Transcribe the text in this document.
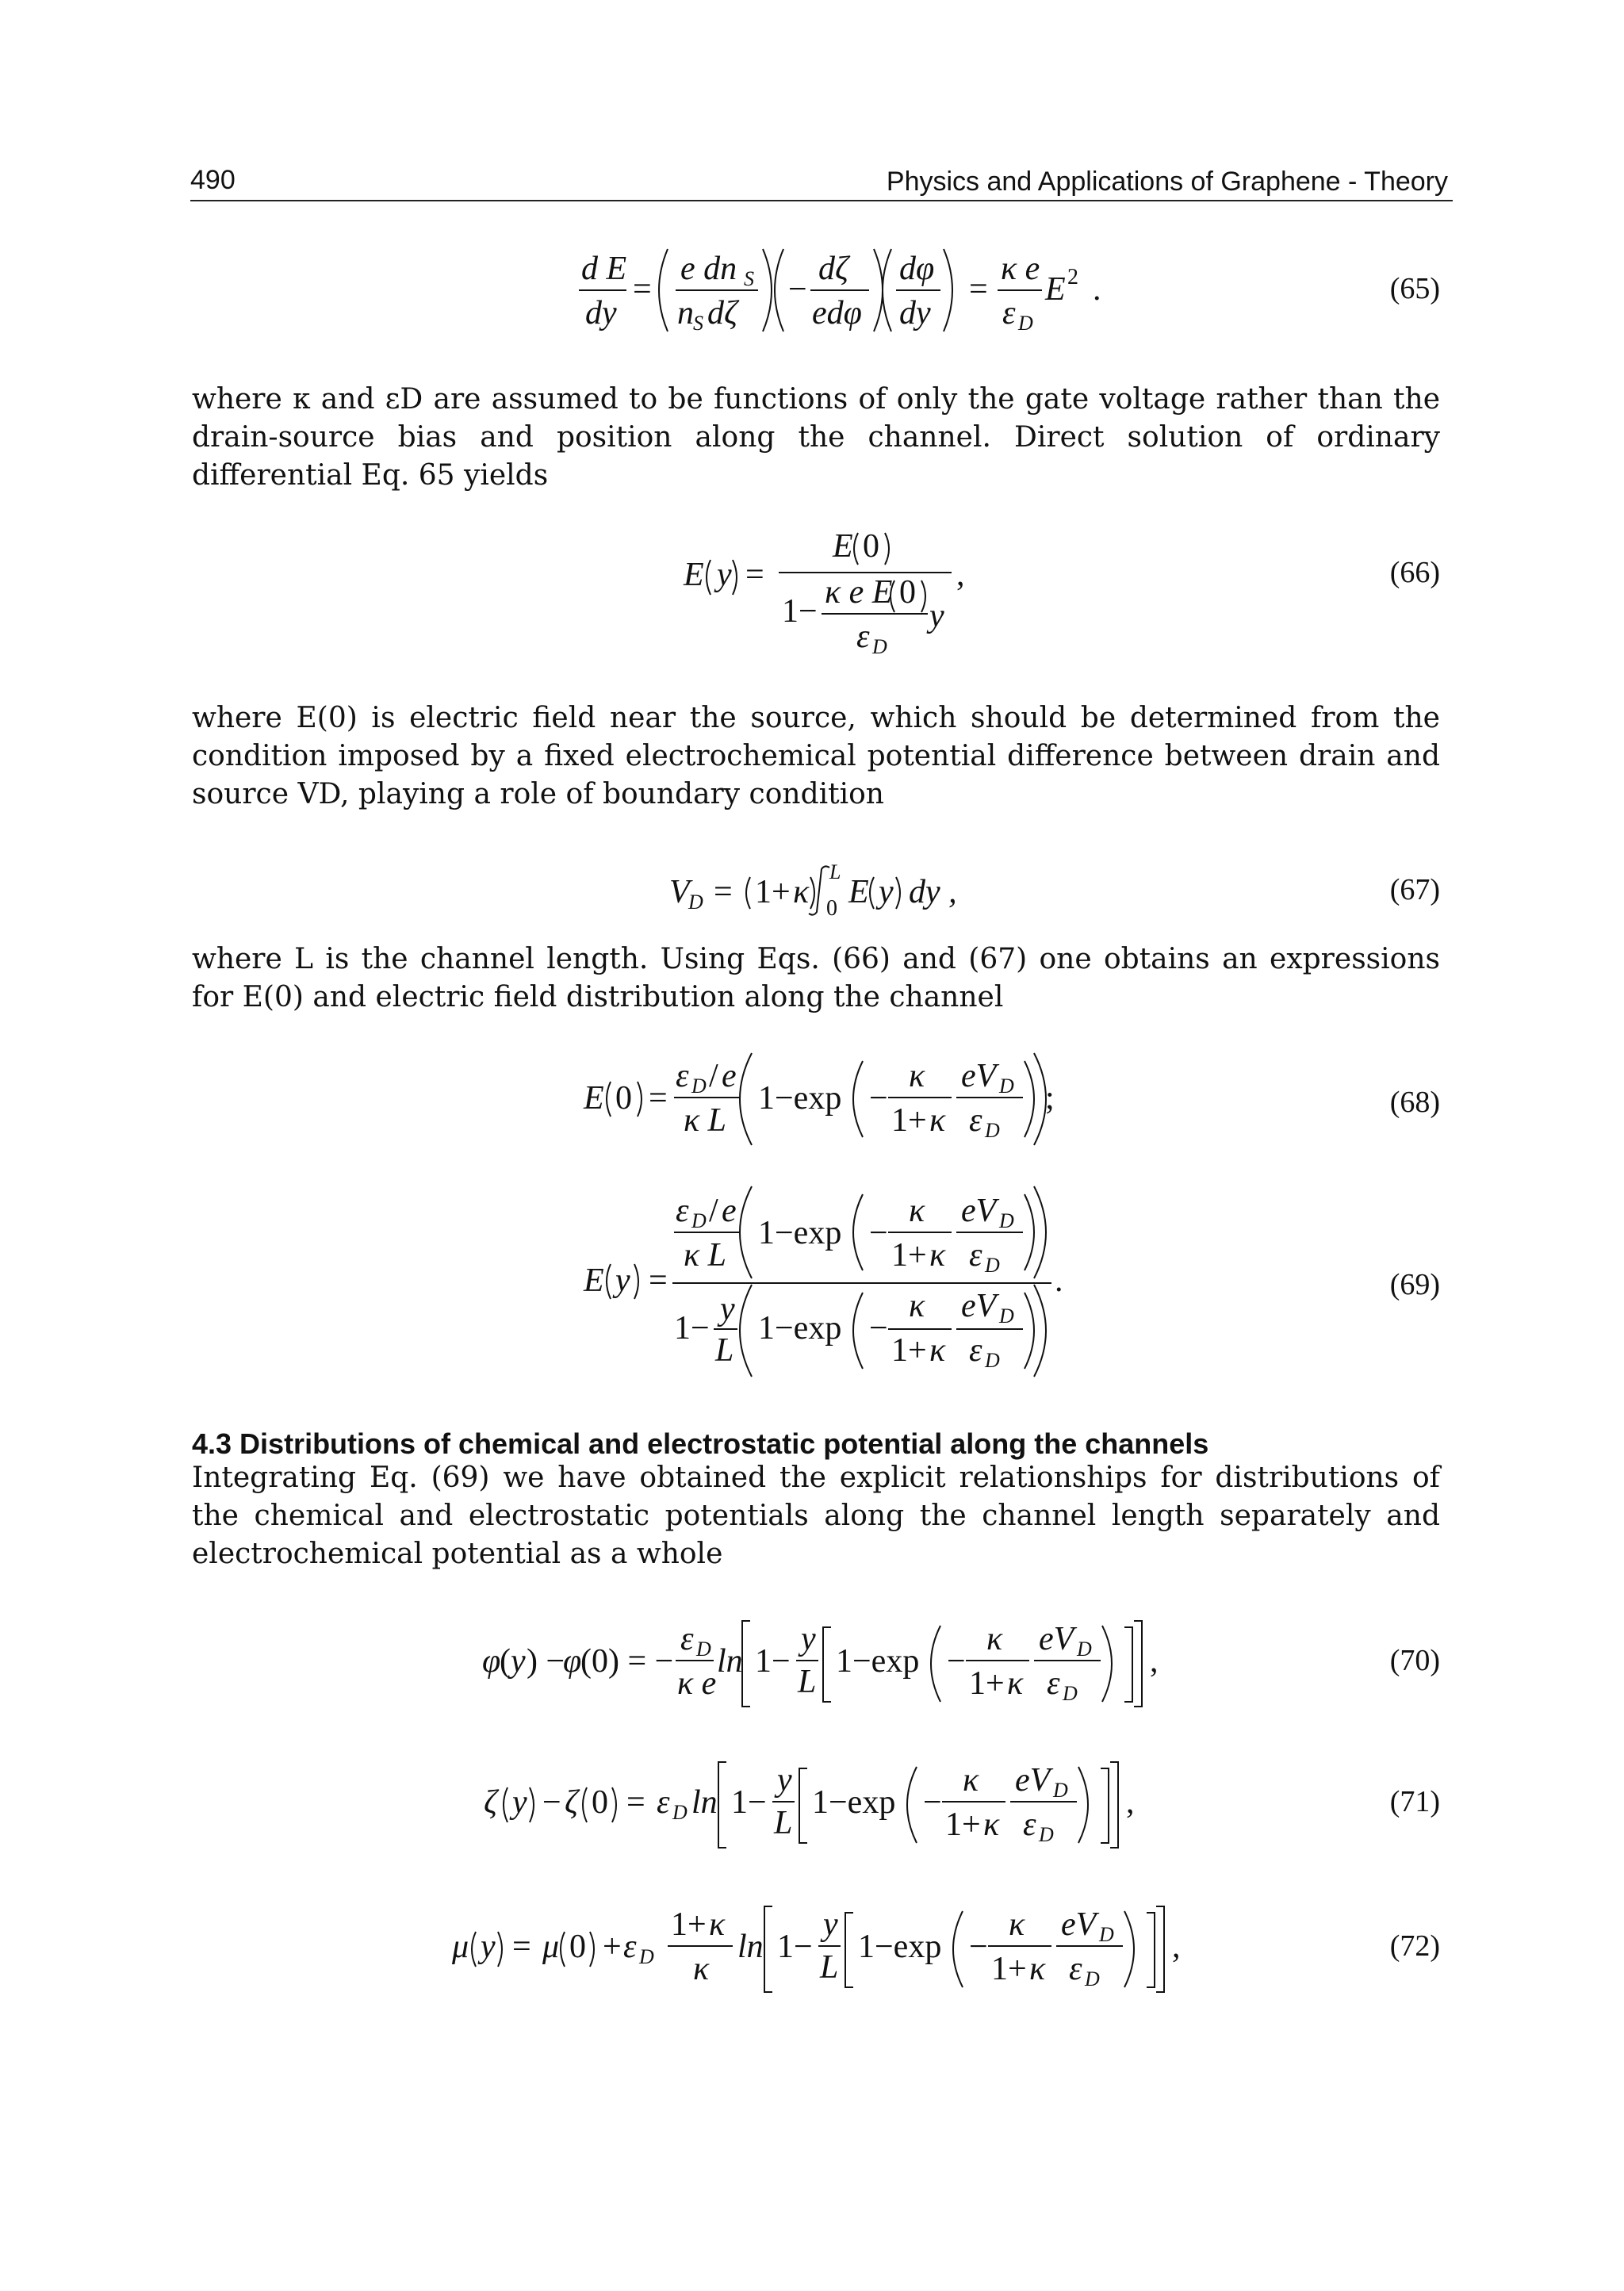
490	Physics and Applications of Graphene - Theory
d E
dy
=
e dn S
n S dζ
−
dζ
edφ
dφ
dy
=
κ e
ε D
E 2 .	(65)
where κ and εD are assumed to be functions of only the gate voltage rather than the drain-source bias and position along the channel. Direct solution of ordinary differential Eq. 65 yields
E y =
E 0
1−
κ e E 0
ε D
y
,	(66)
where E(0) is electric field near the source, which should be determined from the condition imposed by a fixed electrochemical potential difference between drain and source VD, playing a role of boundary condition
V
D = 1+ κ
L
0 E y dy ,	(67)
where L is the channel length. Using Eqs. (66) and (67) one obtains an expressions for E(0) and electric field distribution along the channel
E 0 =
ε D / e
κ L
1−exp −
κ
1+ κ
eV D
ε D
;	(68)
E y =
ε D / e
κ L
1−exp −
κ
1+ κ
eV D
ε D .
1−
y
L
1−exp −
κ
1+ κ
eV D
ε D
(69)
4.3 Distributions of chemical and electrostatic potential along the channels
Integrating Eq. (69) we have obtained the explicit relationships for distributions of the chemical and electrostatic potentials along the channel length separately and electrochemical potential as a whole
φ
( y ) −
φ
(0) = −
ε D
κ e
ln 1−
y
L
1−exp −
κ
1+ κ
eV D
ε D
,	(70)
ζ y − ζ 0 = ε D ln 1−
y
L
1−exp −
κ
1+ κ
eV D
ε D
,	(71)
μ y = μ 0 + ε D
1+ κ
κ
ln 1−
y
L
1−exp −
κ
1+ κ
eV D
ε D
,	(72)
